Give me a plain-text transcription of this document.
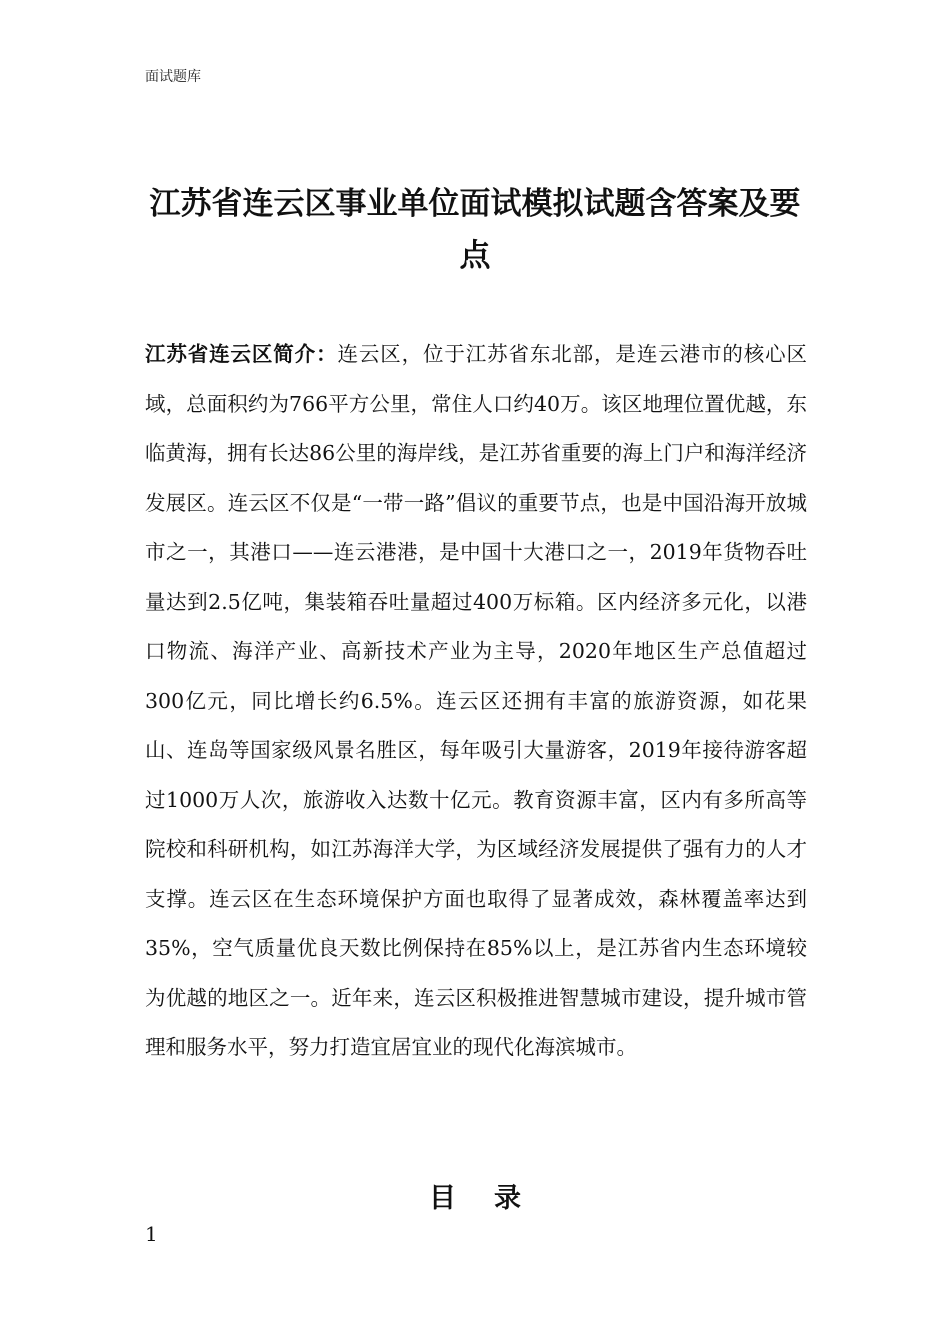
面试题库
江苏省连云区事业单位面试模拟试题含答案及要点

江苏省连云区简介：连云区，位于江苏省东北部，是连云港市的核心区域，总面积约为766平方公里，常住人口约40万。该区地理位置优越，东临黄海，拥有长达86公里的海岸线，是江苏省重要的海上门户和海洋经济发展区。连云区不仅是“一带一路”倡议的重要节点，也是中国沿海开放城市之一，其港口——连云港港，是中国十大港口之一，2019年货物吞吐量达到2.5亿吨，集装箱吞吐量超过400万标箱。区内经济多元化，以港口物流、海洋产业、高新技术产业为主导，2020年地区生产总值超过300亿元，同比增长约6.5%。连云区还拥有丰富的旅游资源，如花果山、连岛等国家级风景名胜区，每年吸引大量游客，2019年接待游客超过1000万人次，旅游收入达数十亿元。教育资源丰富，区内有多所高等院校和科研机构，如江苏海洋大学，为区域经济发展提供了强有力的人才支撑。连云区在生态环境保护方面也取得了显著成效，森林覆盖率达到35%，空气质量优良天数比例保持在85%以上，是江苏省内生态环境较为优越的地区之一。近年来，连云区积极推进智慧城市建设，提升城市管理和服务水平，努力打造宜居宜业的现代化海滨城市。

目录
1
